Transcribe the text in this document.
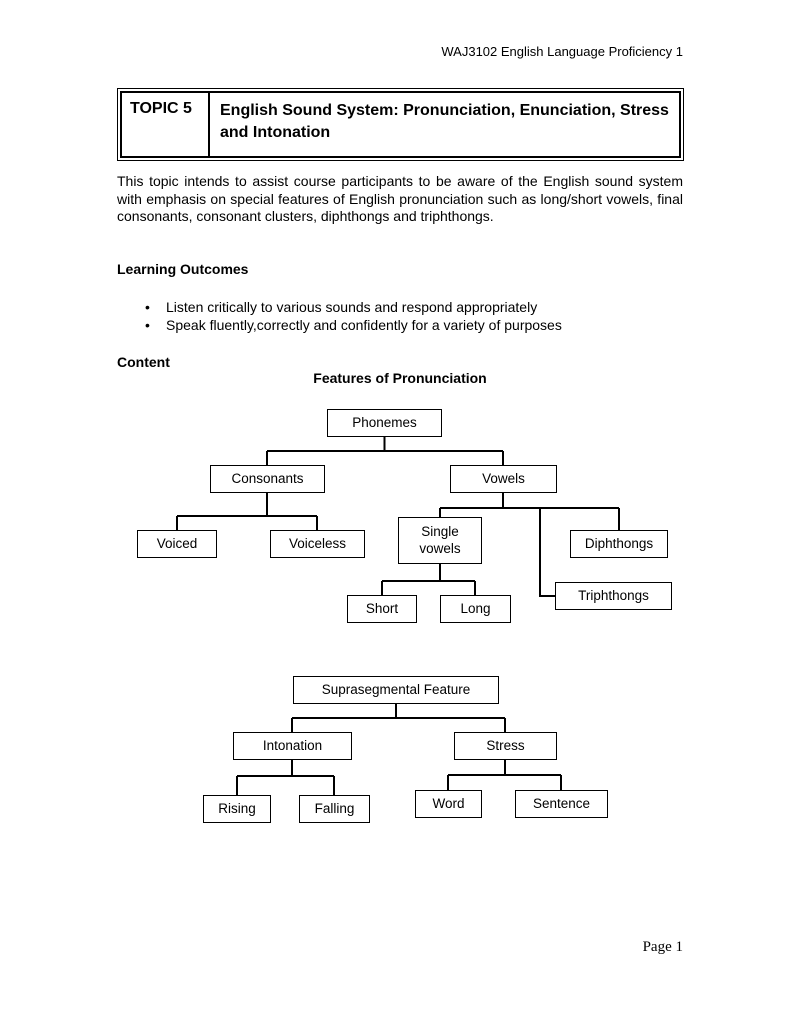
WAJ3102 English Language Proficiency 1
TOPIC 5	English Sound System: Pronunciation, Enunciation, Stress and Intonation

This topic intends to assist course participants to be aware of the English sound system with emphasis on special features of English pronunciation such as long/short vowels, final consonants, consonant clusters, diphthongs and triphthongs.

Learning Outcomes
• Listen critically to various sounds and respond appropriately
• Speak fluently,correctly and confidently for a variety of purposes
Content
Features of Pronunciation
Phonemes
Consonants	Vowels
Voiced	Voiceless
Single vowels	Diphthongs
Triphthongs
Short	Long
Suprasegmental Feature
Intonation	Stress
Rising	Falling	Word	Sentence
Page 1
